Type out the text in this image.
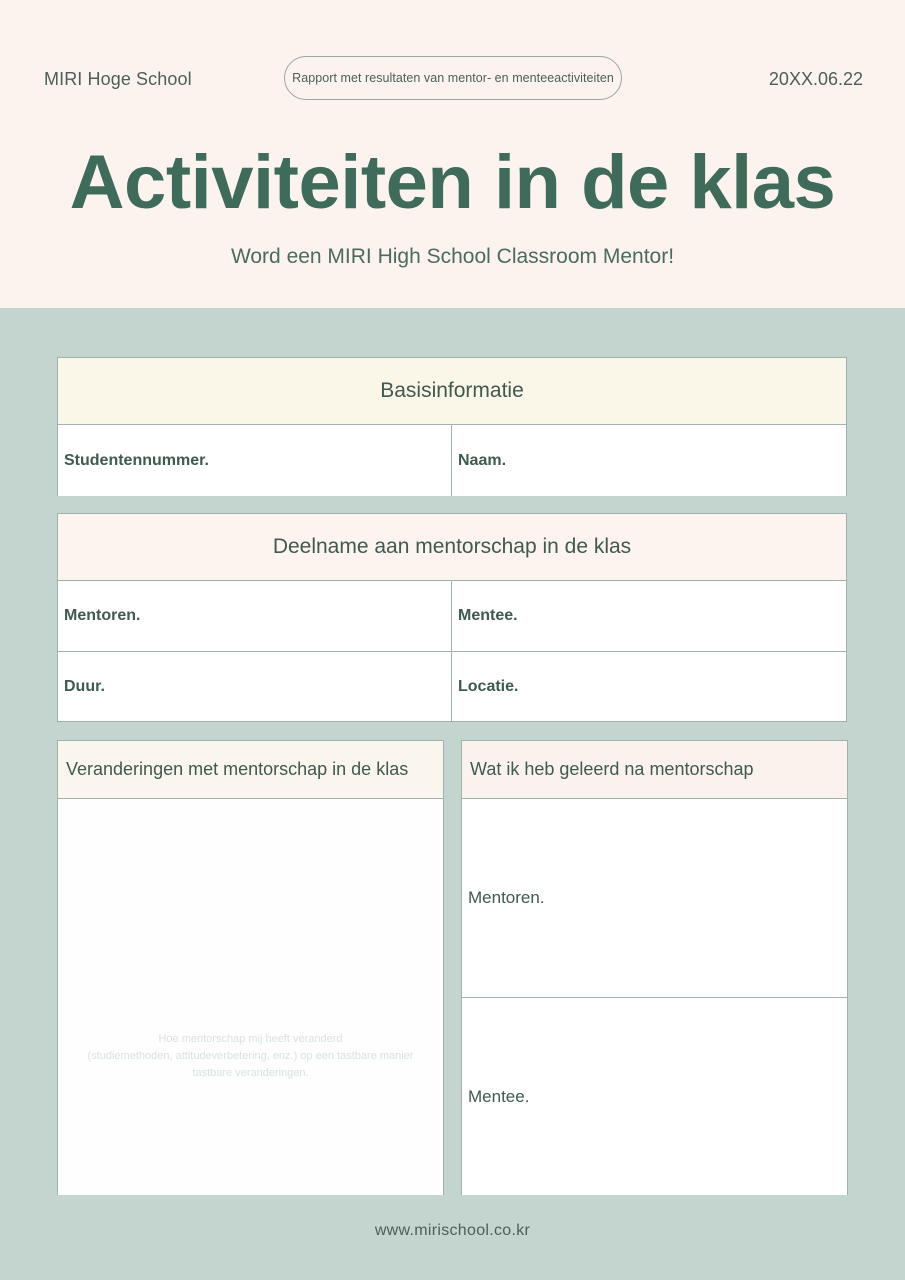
MIRI Hoge School	Rapport met resultaten van mentor- en menteeactiviteiten	20XX.06.22
Activiteiten in de klas
Word een MIRI High School Classroom Mentor!
Basisinformatie
Studentennummer.	Naam.
Deelname aan mentorschap in de klas
Mentoren.	Mentee.
Duur.	Locatie.
Veranderingen met mentorschap in de klas
Hoe mentorschap mij heeft veranderd
(studiemethoden, attitudeverbetering, enz.) op een tastbare manier
tastbare veranderingen.
Wat ik heb geleerd na mentorschap
Mentoren.
Mentee.
www.mirischool.co.kr
